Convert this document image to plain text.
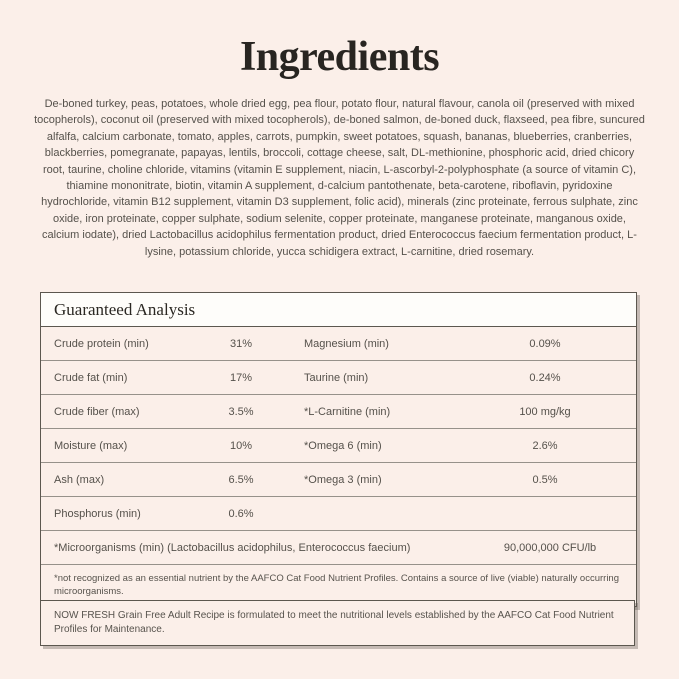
Ingredients
De-boned turkey, peas, potatoes, whole dried egg, pea flour, potato flour, natural flavour, canola oil (preserved with mixed tocopherols), coconut oil (preserved with mixed tocopherols), de-boned salmon, de-boned duck, flaxseed, pea fibre, suncured alfalfa, calcium carbonate, tomato, apples, carrots, pumpkin, sweet potatoes, squash, bananas, blueberries, cranberries, blackberries, pomegranate, papayas, lentils, broccoli, cottage cheese, salt, DL-methionine, phosphoric acid, dried chicory root, taurine, choline chloride, vitamins (vitamin E supplement, niacin, L-ascorbyl-2-polyphosphate (a source of vitamin C), thiamine mononitrate, biotin, vitamin A supplement, d-calcium pantothenate, beta-carotene, riboflavin, pyridoxine hydrochloride, vitamin B12 supplement, vitamin D3 supplement, folic acid), minerals (zinc proteinate, ferrous sulphate, zinc oxide, iron proteinate, copper sulphate, sodium selenite, copper proteinate, manganese proteinate, manganous oxide, calcium iodate), dried Lactobacillus acidophilus fermentation product, dried Enterococcus faecium fermentation product, L-lysine, potassium chloride, yucca schidigera extract, L-carnitine, dried rosemary.
Guaranteed Analysis
Crude protein (min)	31%	Magnesium (min)	0.09%
Crude fat (min)	17%	Taurine (min)	0.24%
Crude fiber (max)	3.5%	*L-Carnitine (min)	100 mg/kg
Moisture (max)	10%	*Omega 6 (min)	2.6%
Ash (max)	6.5%	*Omega 3 (min)	0.5%
Phosphorus (min)	0.6%
*Microorganisms (min) (Lactobacillus acidophilus, Enterococcus faecium)	90,000,000 CFU/lb
*not recognized as an essential nutrient by the AAFCO Cat Food Nutrient Profiles. Contains a source of live (viable) naturally occurring microorganisms.
NOW FRESH Grain Free Adult Recipe is formulated to meet the nutritional levels established by the AAFCO Cat Food Nutrient Profiles for Maintenance.
